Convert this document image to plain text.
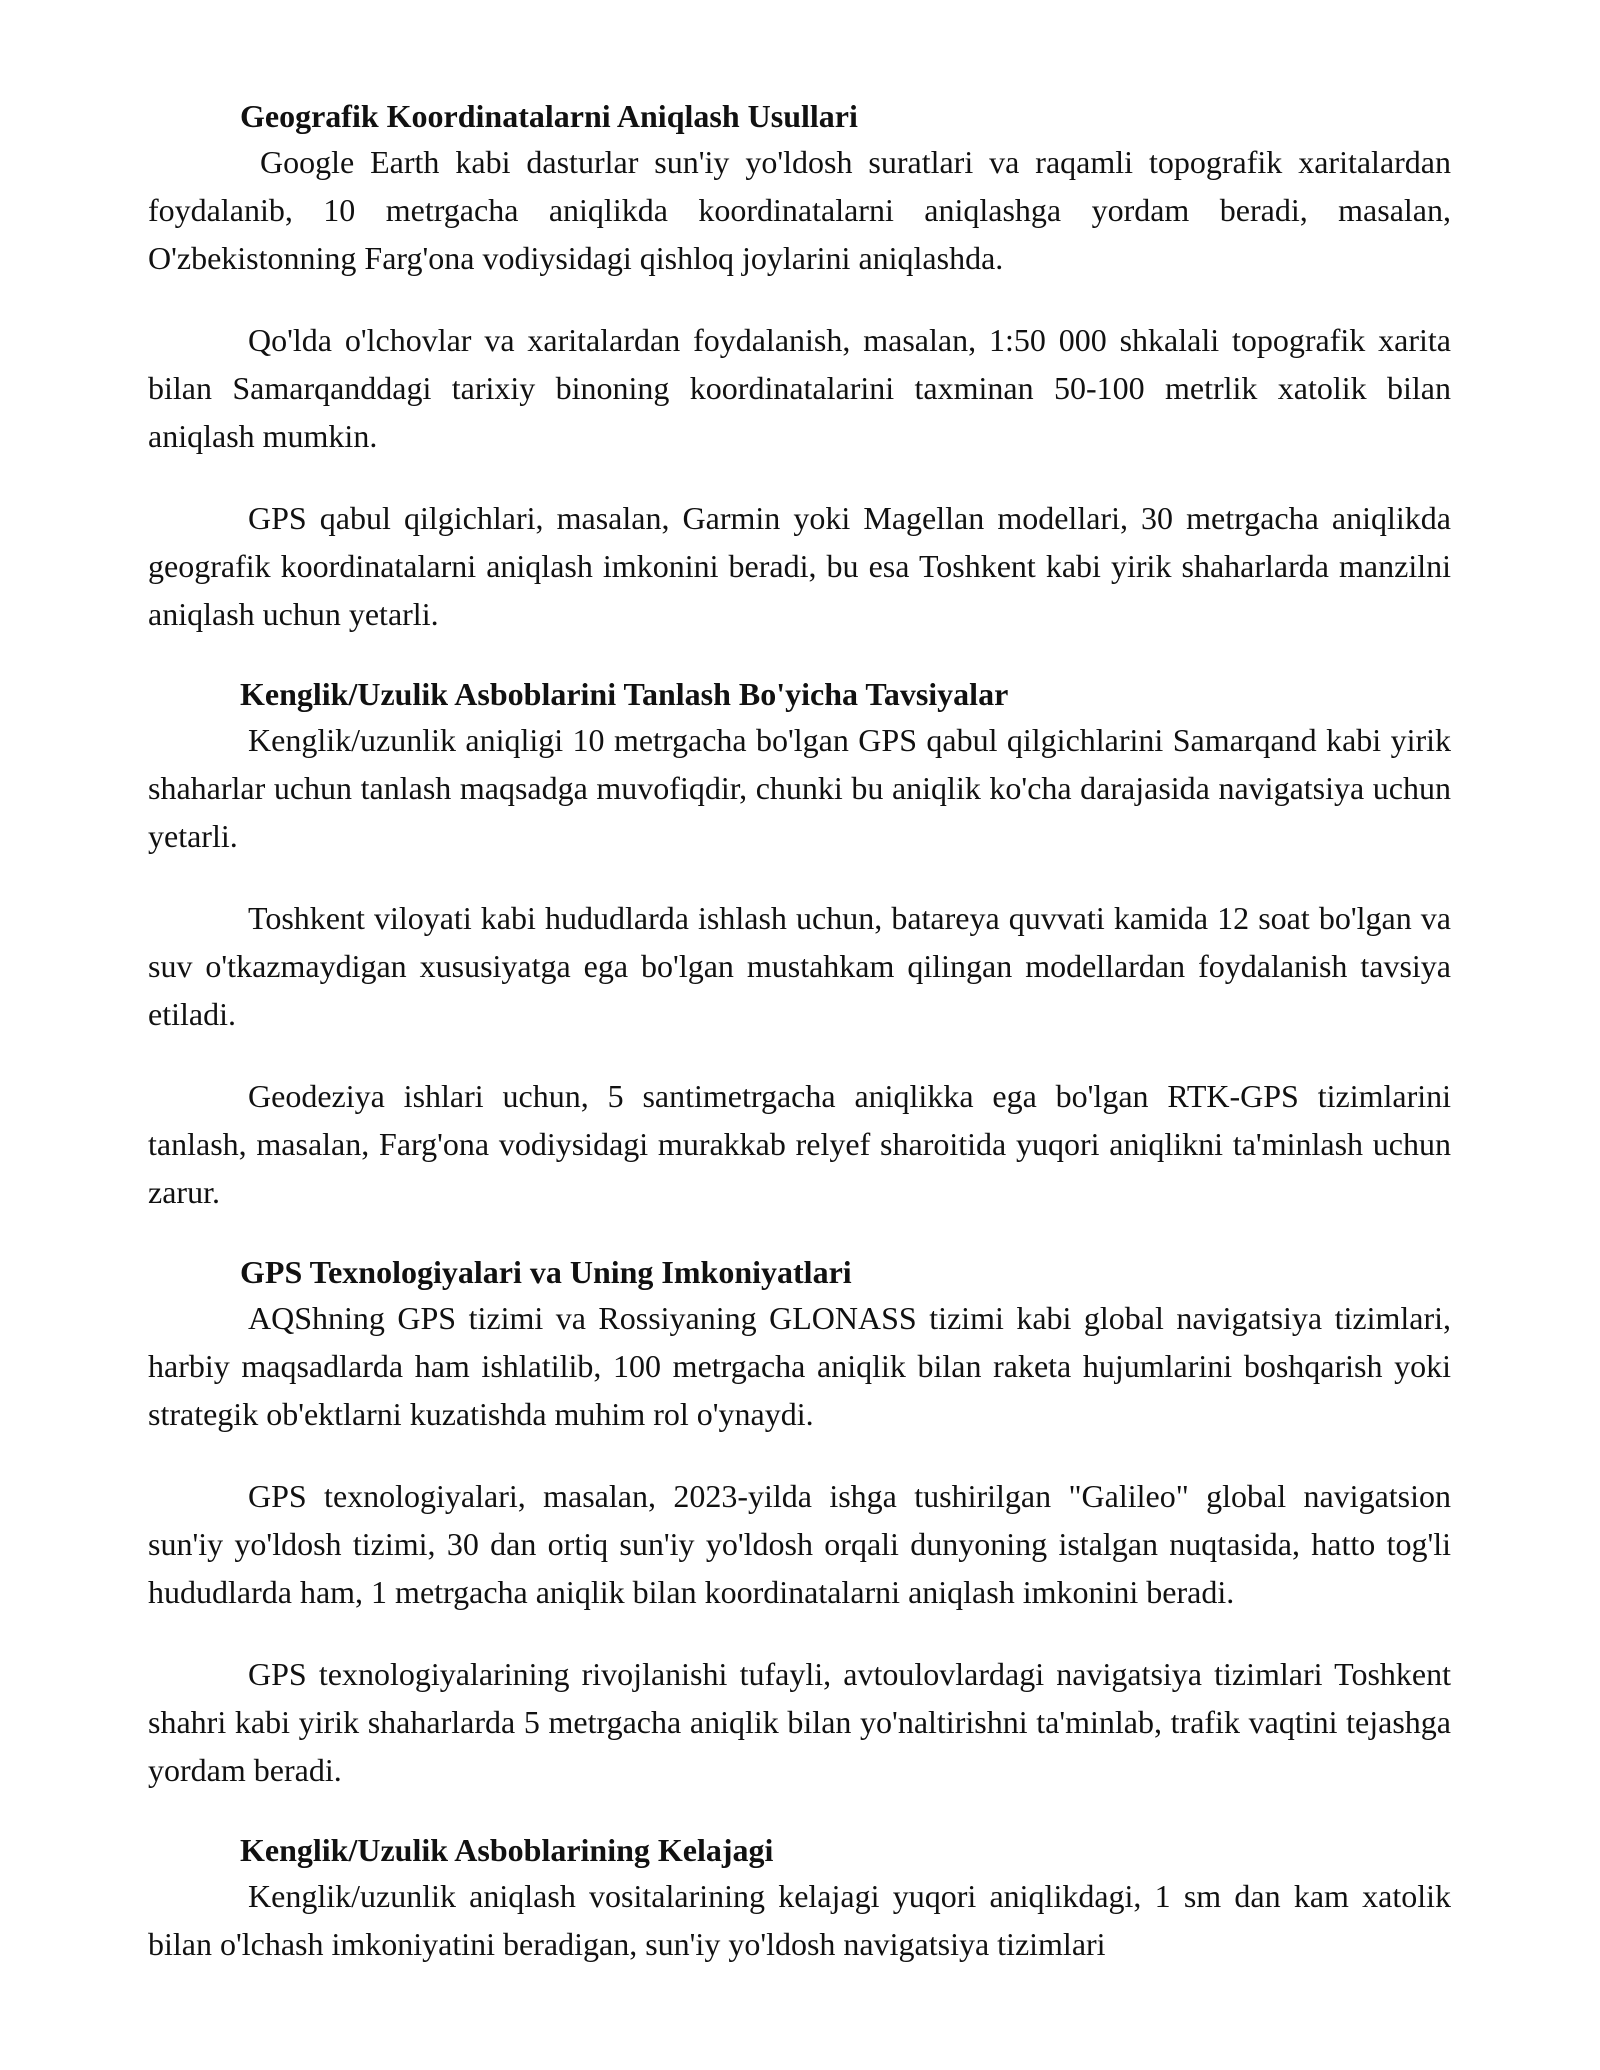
Geografik Koordinatalarni Aniqlash Usullari

Google Earth kabi dasturlar sun'iy yo'ldosh suratlari va raqamli topografik xaritalardan foydalanib, 10 metrgacha aniqlikda koordinatalarni aniqlashga yordam beradi, masalan, O'zbekistonning Farg'ona vodiysidagi qishloq joylarini aniqlashda.

Qo'lda o'lchovlar va xaritalardan foydalanish, masalan, 1:50 000 shkalali topografik xarita bilan Samarqanddagi tarixiy binoning koordinatalarini taxminan 50-100 metrlik xatolik bilan aniqlash mumkin.

GPS qabul qilgichlari, masalan, Garmin yoki Magellan modellari, 30 metrgacha aniqlikda geografik koordinatalarni aniqlash imkonini beradi, bu esa Toshkent kabi yirik shaharlarda manzilni aniqlash uchun yetarli.

Kenglik/Uzulik Asboblarini Tanlash Bo'yicha Tavsiyalar

Kenglik/uzunlik aniqligi 10 metrgacha bo'lgan GPS qabul qilgichlarini Samarqand kabi yirik shaharlar uchun tanlash maqsadga muvofiqdir, chunki bu aniqlik ko'cha darajasida navigatsiya uchun yetarli.

Toshkent viloyati kabi hududlarda ishlash uchun, batareya quvvati kamida 12 soat bo'lgan va suv o'tkazmaydigan xususiyatga ega bo'lgan mustahkam qilingan modellardan foydalanish tavsiya etiladi.

Geodeziya ishlari uchun, 5 santimetrgacha aniqlikka ega bo'lgan RTK-GPS tizimlarini tanlash, masalan, Farg'ona vodiysidagi murakkab relyef sharoitida yuqori aniqlikni ta'minlash uchun zarur.

GPS Texnologiyalari va Uning Imkoniyatlari

AQShning GPS tizimi va Rossiyaning GLONASS tizimi kabi global navigatsiya tizimlari, harbiy maqsadlarda ham ishlatilib, 100 metrgacha aniqlik bilan raketa hujumlarini boshqarish yoki strategik ob'ektlarni kuzatishda muhim rol o'ynaydi.

GPS texnologiyalari, masalan, 2023-yilda ishga tushirilgan "Galileo" global navigatsion sun'iy yo'ldosh tizimi, 30 dan ortiq sun'iy yo'ldosh orqali dunyoning istalgan nuqtasida, hatto tog'li hududlarda ham, 1 metrgacha aniqlik bilan koordinatalarni aniqlash imkonini beradi.

GPS texnologiyalarining rivojlanishi tufayli, avtoulovlardagi navigatsiya tizimlari Toshkent shahri kabi yirik shaharlarda 5 metrgacha aniqlik bilan yo'naltirishni ta'minlab, trafik vaqtini tejashga yordam beradi.

Kenglik/Uzulik Asboblarining Kelajagi

Kenglik/uzunlik aniqlash vositalarining kelajagi yuqori aniqlikdagi, 1 sm dan kam xatolik bilan o'lchash imkoniyatini beradigan, sun'iy yo'ldosh navigatsiya tizimlari
